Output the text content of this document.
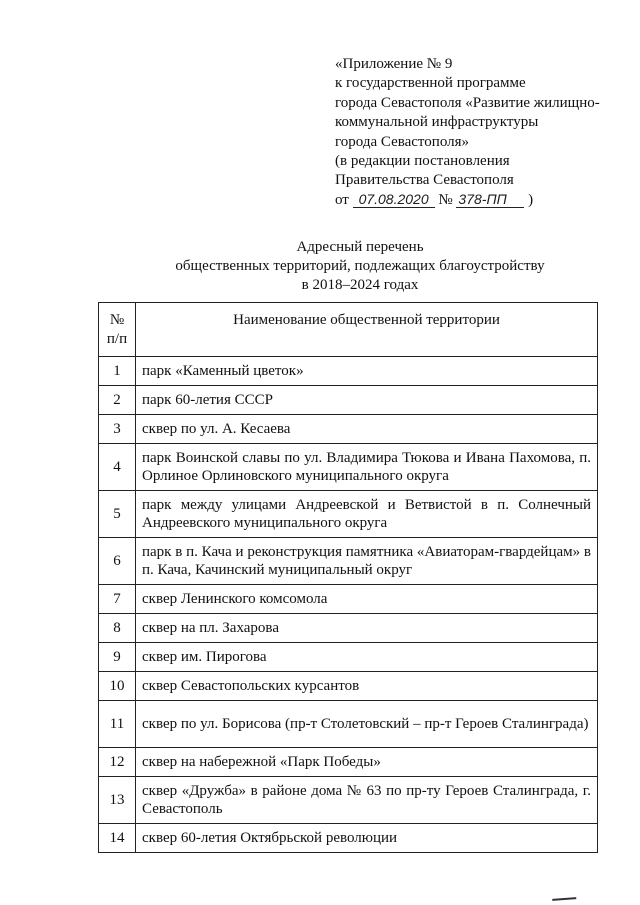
«Приложение № 9
к государственной программе
города Севастополя «Развитие жилищно-
коммунальной инфраструктуры
города Севастополя»
(в редакции постановления
Правительства Севастополя
от 07.08.2020 № 378-ПП )
Адресный перечень
общественных территорий, подлежащих благоустройству
в 2018–2024 годах
№
п/п	Наименование общественной территории
1	парк «Каменный цветок»
2	парк 60-летия СССР
3	сквер по ул. А. Кесаева
4	парк Воинской славы по ул. Владимира Тюкова и Ивана Пахомова, п. Орлиное Орлиновского муниципального округа
5	парк между улицами Андреевской и Ветвистой в п. Солнечный Андреевского муниципального округа
6	парк в п. Кача и реконструкция памятника «Авиаторам-гвардейцам» в п. Кача, Качинский муниципальный округ
7	сквер Ленинского комсомола
8	сквер на пл. Захарова
9	сквер им. Пирогова
10	сквер Севастопольских курсантов
11	сквер по ул. Борисова (пр-т Столетовский – пр-т Героев Сталинграда)
12	сквер на набережной «Парк Победы»
13	сквер «Дружба» в районе дома № 63 по пр-ту Героев Сталинграда, г. Севастополь
14	сквер 60-летия Октябрьской революции
